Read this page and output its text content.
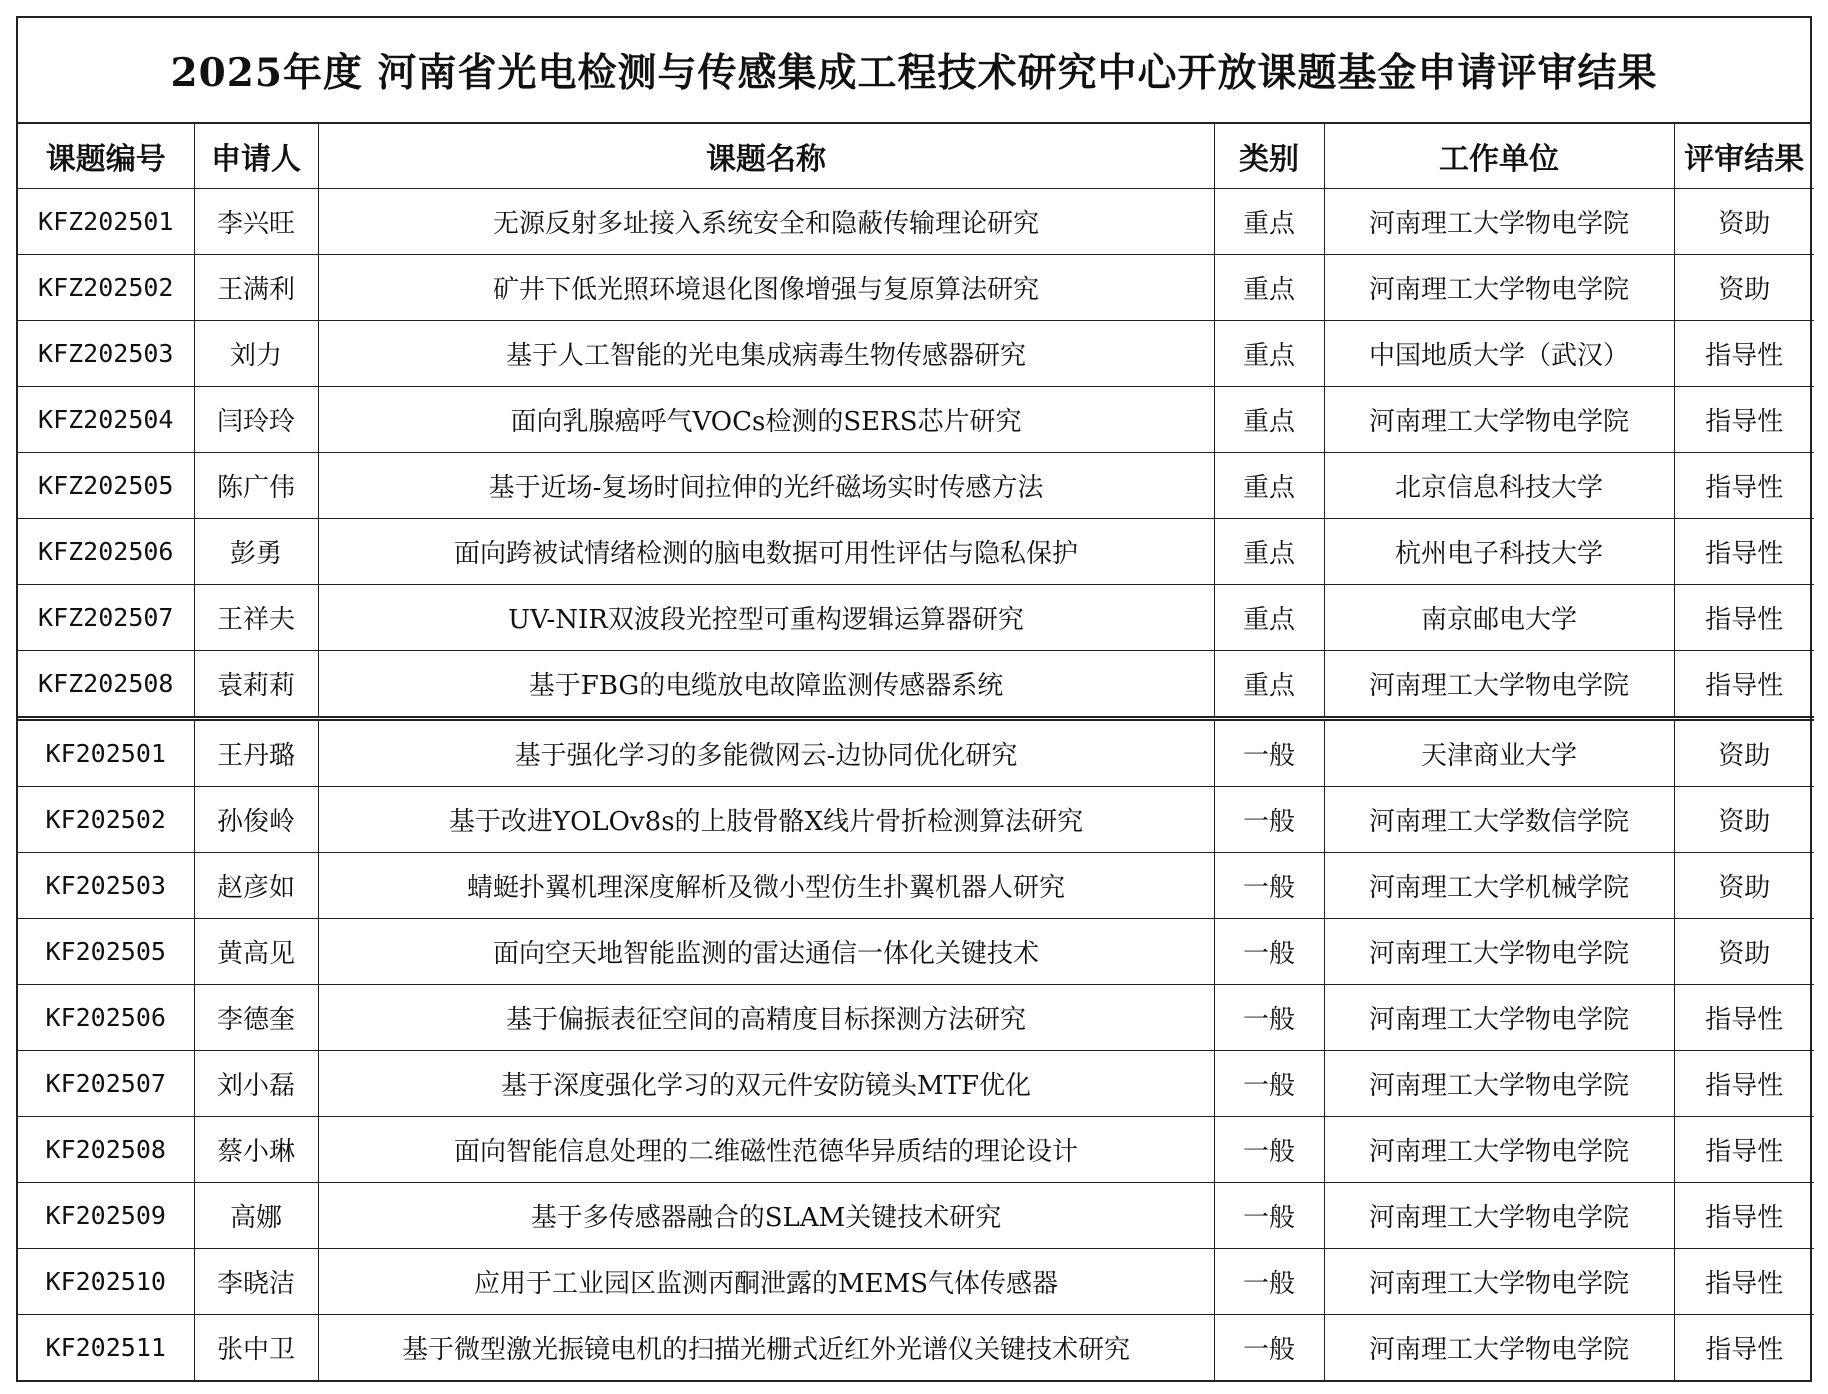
2025年度 河南省光电检测与传感集成工程技术研究中心开放课题基金申请评审结果
课题编号	申请人	课题名称	类别	工作单位	评审结果
KFZ202501	李兴旺	无源反射多址接入系统安全和隐蔽传输理论研究	重点	河南理工大学物电学院	资助
KFZ202502	王满利	矿井下低光照环境退化图像增强与复原算法研究	重点	河南理工大学物电学院	资助
KFZ202503	刘力	基于人工智能的光电集成病毒生物传感器研究	重点	中国地质大学（武汉）	指导性
KFZ202504	闫玲玲	面向乳腺癌呼气VOCs检测的SERS芯片研究	重点	河南理工大学物电学院	指导性
KFZ202505	陈广伟	基于近场-复场时间拉伸的光纤磁场实时传感方法	重点	北京信息科技大学	指导性
KFZ202506	彭勇	面向跨被试情绪检测的脑电数据可用性评估与隐私保护	重点	杭州电子科技大学	指导性
KFZ202507	王祥夫	UV-NIR双波段光控型可重构逻辑运算器研究	重点	南京邮电大学	指导性
KFZ202508	袁莉莉	基于FBG的电缆放电故障监测传感器系统	重点	河南理工大学物电学院	指导性
KF202501	王丹璐	基于强化学习的多能微网云-边协同优化研究	一般	天津商业大学	资助
KF202502	孙俊岭	基于改进YOLOv8s的上肢骨骼X线片骨折检测算法研究	一般	河南理工大学数信学院	资助
KF202503	赵彦如	蜻蜓扑翼机理深度解析及微小型仿生扑翼机器人研究	一般	河南理工大学机械学院	资助
KF202505	黄高见	面向空天地智能监测的雷达通信一体化关键技术	一般	河南理工大学物电学院	资助
KF202506	李德奎	基于偏振表征空间的高精度目标探测方法研究	一般	河南理工大学物电学院	指导性
KF202507	刘小磊	基于深度强化学习的双元件安防镜头MTF优化	一般	河南理工大学物电学院	指导性
KF202508	蔡小琳	面向智能信息处理的二维磁性范德华异质结的理论设计	一般	河南理工大学物电学院	指导性
KF202509	高娜	基于多传感器融合的SLAM关键技术研究	一般	河南理工大学物电学院	指导性
KF202510	李晓洁	应用于工业园区监测丙酮泄露的MEMS气体传感器	一般	河南理工大学物电学院	指导性
KF202511	张中卫	基于微型激光振镜电机的扫描光栅式近红外光谱仪关键技术研究	一般	河南理工大学物电学院	指导性
